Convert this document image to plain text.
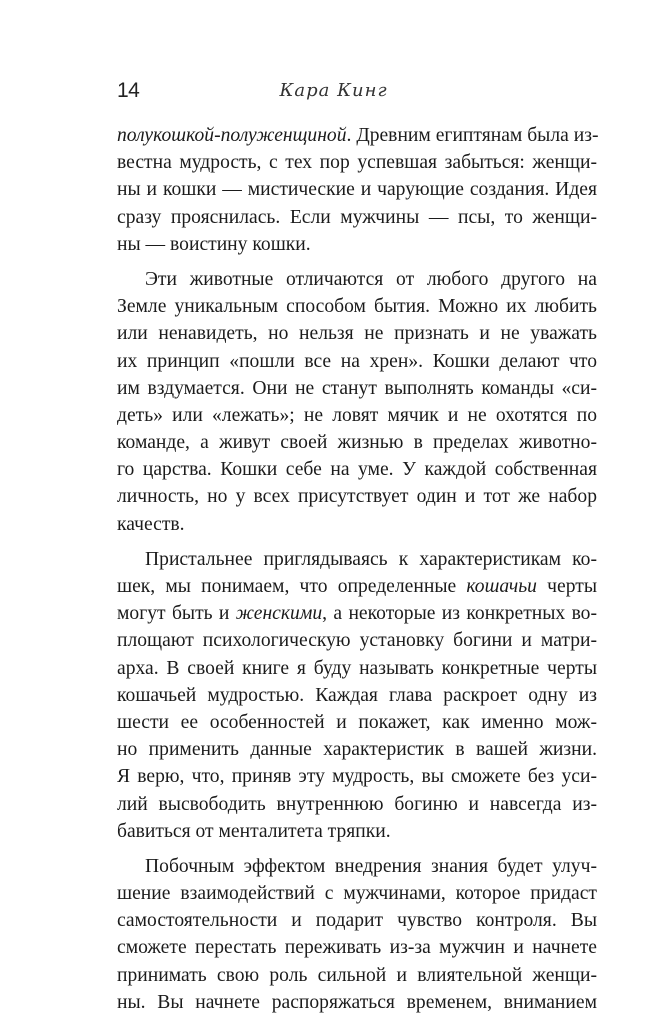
14	Кара Кинг
полукошкой-полуженщиной. Древним египтянам была из-
вестна мудрость, с тех пор успевшая забыться: женщи-
ны и кошки — мистические и чарующие создания. Идея
сразу прояснилась. Если мужчины — псы, то женщи-
ны — воистину кошки.
Эти животные отличаются от любого другого на
Земле уникальным способом бытия. Можно их любить
или ненавидеть, но нельзя не признать и не уважать
их принцип «пошли все на хрен». Кошки делают что
им вздумается. Они не станут выполнять команды «си-
деть» или «лежать»; не ловят мячик и не охотятся по
команде, а живут своей жизнью в пределах животно-
го царства. Кошки себе на уме. У каждой собственная
личность, но у всех присутствует один и тот же набор
качеств.
Пристальнее приглядываясь к характеристикам ко-
шек, мы понимаем, что определенные кошачьи черты
могут быть и женскими, а некоторые из конкретных во-
площают психологическую установку богини и матри-
арха. В своей книге я буду называть конкретные черты
кошачьей мудростью. Каждая глава раскроет одну из
шести ее особенностей и покажет, как именно мож-
но применить данные характеристик в вашей жизни.
Я верю, что, приняв эту мудрость, вы сможете без уси-
лий высвободить внутреннюю богиню и навсегда из-
бавиться от менталитета тряпки.
Побочным эффектом внедрения знания будет улуч-
шение взаимодействий с мужчинами, которое придаст
самостоятельности и подарит чувство контроля. Вы
сможете перестать переживать из-за мужчин и начнете
принимать свою роль сильной и влиятельной женщи-
ны. Вы начнете распоряжаться временем, вниманием
